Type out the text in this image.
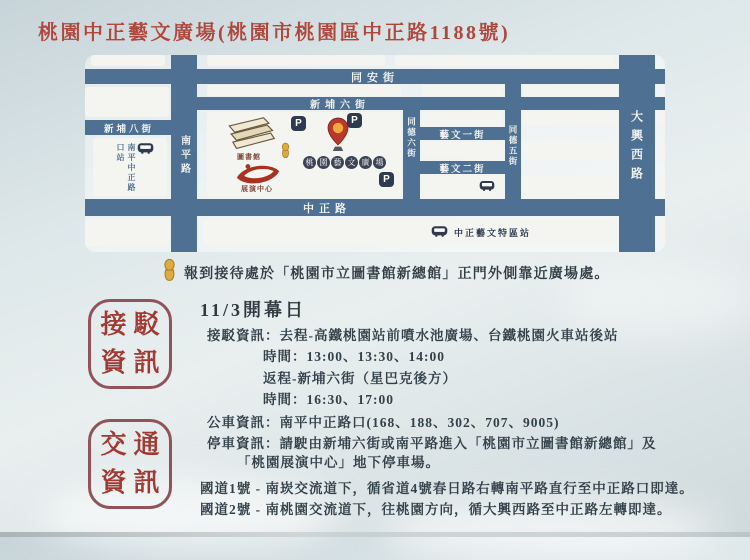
桃園中正藝文廣場(桃園市桃園區中正路1188號)
同安街
新埔六街
中正路
新埔八街
南平路	同德六街 藝文一街
藝文二街
同德五街	大興西路
南平中正路口站	圖書館
P	P
P
桃 園 藝 文 廣 場
展演中心
中正藝文特區站
報到接待處於「桃園市立圖書館新總館」正門外側靠近廣場處。
接 駁
資 訊
交 通
資 訊
11/3開幕日
接駁資訊：去程-高鐵桃園站前噴水池廣場、台鐵桃園火車站後站
時間：13:00、13:30、14:00
返程-新埔六街（星巴克後方）
時間：16:30、17:00
公車資訊：南平中正路口(168、188、302、707、9005)
停車資訊：請駛由新埔六街或南平路進入「桃園市立圖書館新總館」及
「桃園展演中心」地下停車場。
國道1號 - 南崁交流道下，循省道4號春日路右轉南平路直行至中正路口即達。
國道2號 - 南桃園交流道下，往桃園方向，循大興西路至中正路左轉即達。
